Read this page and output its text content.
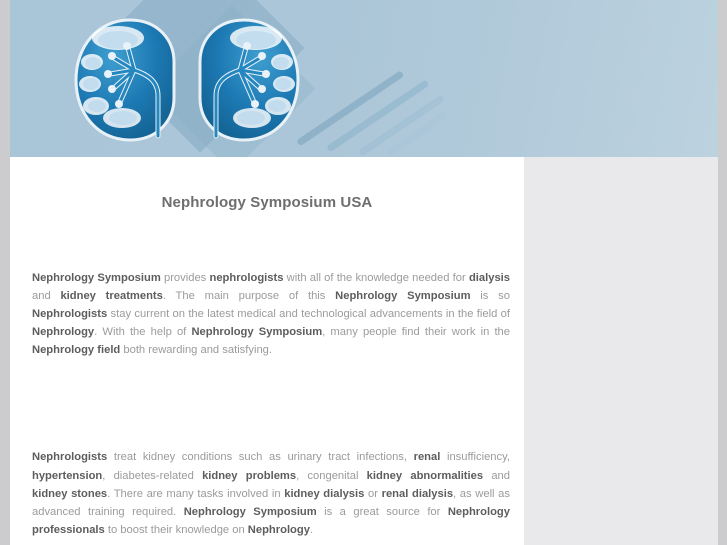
Nephrology Symposium USA

Nephrology Symposium provides nephrologists with all of the knowledge needed for dialysis and kidney treatments. The main purpose of this Nephrology Symposium is so Nephrologists stay current on the latest medical and technological advancements in the field of Nephrology. With the help of Nephrology Symposium, many people find their work in the Nephrology field both rewarding and satisfying.

Nephrologists treat kidney conditions such as urinary tract infections, renal insufficiency, hypertension, diabetes-related kidney problems, congenital kidney abnormalities and kidney stones. There are many tasks involved in kidney dialysis or renal dialysis, as well as advanced training required. Nephrology Symposium is a great source for Nephrology professionals to boost their knowledge on Nephrology.
